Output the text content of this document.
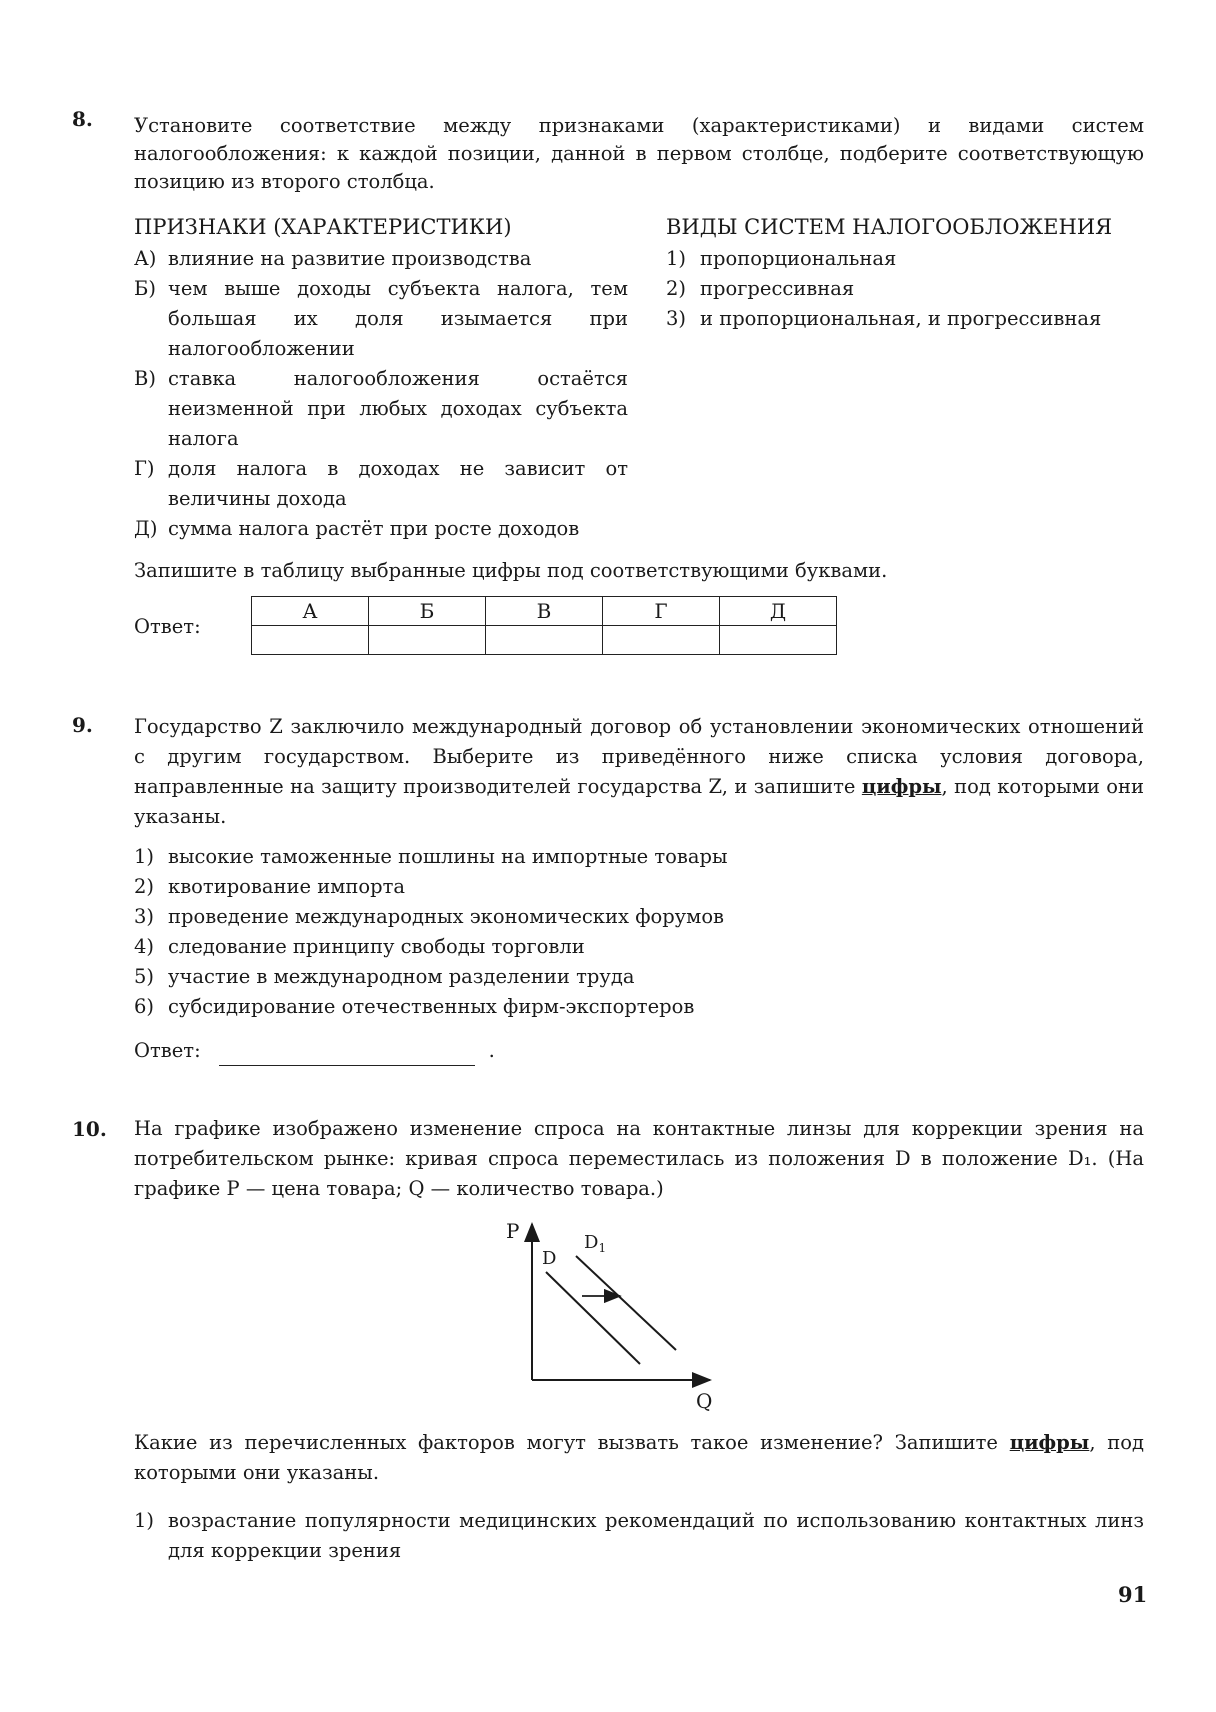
8. Установите соответствие между признаками (характеристиками) и видами систем налогообложения: к каждой позиции, данной в первом столбце, подберите соответствующую позицию из второго столбца.
ПРИЗНАКИ (ХАРАКТЕРИСТИКИ)	ВИДЫ СИСТЕМ НАЛОГООБЛОЖЕНИЯ
А) влияние на развитие производства
Б) чем выше доходы субъекта налога, тем большая их доля изымается при налогообложении
В) ставка налогообложения остаётся неизменной при любых доходах субъекта налога
Г) доля налога в доходах не зависит от величины дохода
Д) сумма налога растёт при росте доходов
1) пропорциональная
2) прогрессивная
3) и пропорциональная, и прогрессивная
Запишите в таблицу выбранные цифры под соответствующими буквами.
Ответ:
А	Б	В	Г	Д

9. Государство Z заключило международный договор об установлении экономических отношений с другим государством. Выберите из приведённого ниже списка условия договора, направленные на защиту производителей государства Z, и запишите цифры, под которыми они указаны.
1) высокие таможенные пошлины на импортные товары
2) квотирование импорта
3) проведение международных экономических форумов
4) следование принципу свободы торговли
5) участие в международном разделении труда
6) субсидирование отечественных фирм-экспортеров
Ответ:	.
10. На графике изображено изменение спроса на контактные линзы для коррекции зрения на потребительском рынке: кривая спроса переместилась из положения D в положение D₁. (На графике P — цена товара; Q — количество товара.)
P
Q
D
$D_1$
Какие из перечисленных факторов могут вызвать такое изменение? Запишите цифры, под которыми они указаны.
1) возрастание популярности медицинских рекомендаций по использованию контактных линз для коррекции зрения
91
